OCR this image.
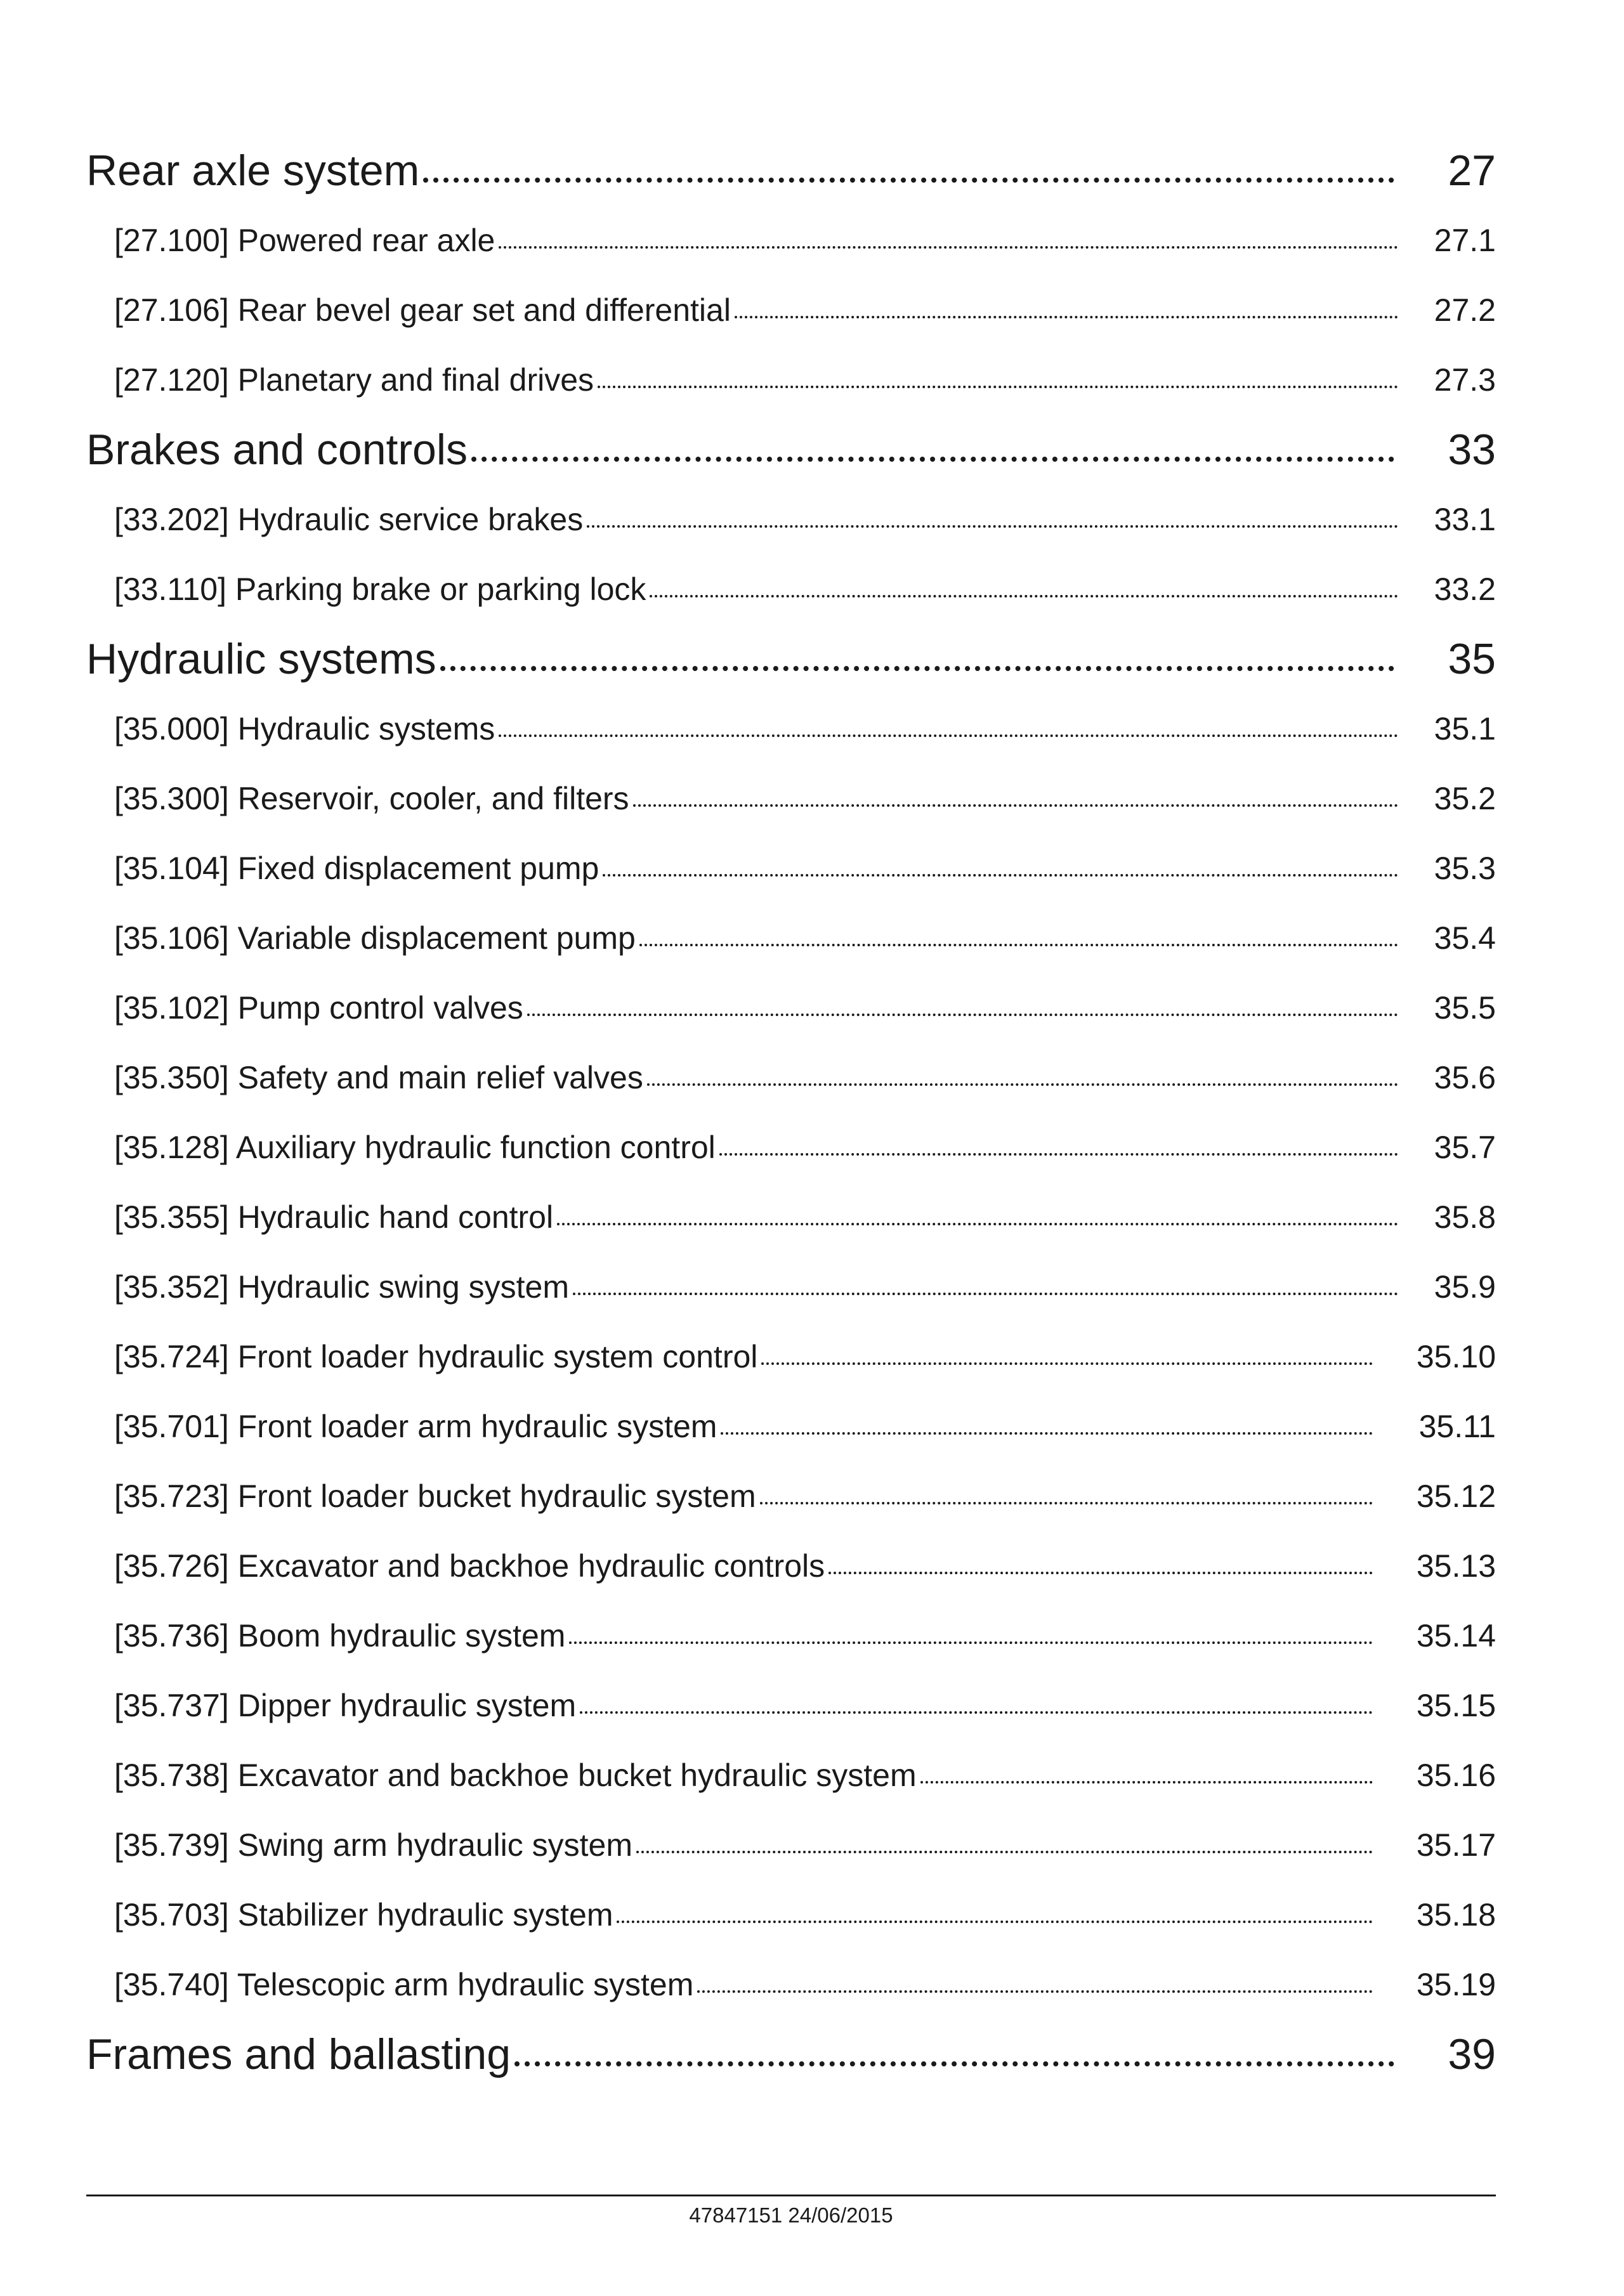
Rear axle system	27
[27.100] Powered rear axle	27.1
[27.106] Rear bevel gear set and differential	27.2
[27.120] Planetary and final drives	27.3
Brakes and controls	33
[33.202] Hydraulic service brakes	33.1
[33.110] Parking brake or parking lock	33.2
Hydraulic systems	35
[35.000] Hydraulic systems	35.1
[35.300] Reservoir, cooler, and filters	35.2
[35.104] Fixed displacement pump	35.3
[35.106] Variable displacement pump	35.4
[35.102] Pump control valves	35.5
[35.350] Safety and main relief valves	35.6
[35.128] Auxiliary hydraulic function control	35.7
[35.355] Hydraulic hand control	35.8
[35.352] Hydraulic swing system	35.9
[35.724] Front loader hydraulic system control	35.10
[35.701] Front loader arm hydraulic system	35.11
[35.723] Front loader bucket hydraulic system	35.12
[35.726] Excavator and backhoe hydraulic controls	35.13
[35.736] Boom hydraulic system	35.14
[35.737] Dipper hydraulic system	35.15
[35.738] Excavator and backhoe bucket hydraulic system	35.16
[35.739] Swing arm hydraulic system	35.17
[35.703] Stabilizer hydraulic system	35.18
[35.740] Telescopic arm hydraulic system	35.19
Frames and ballasting	39
47847151 24/06/2015
